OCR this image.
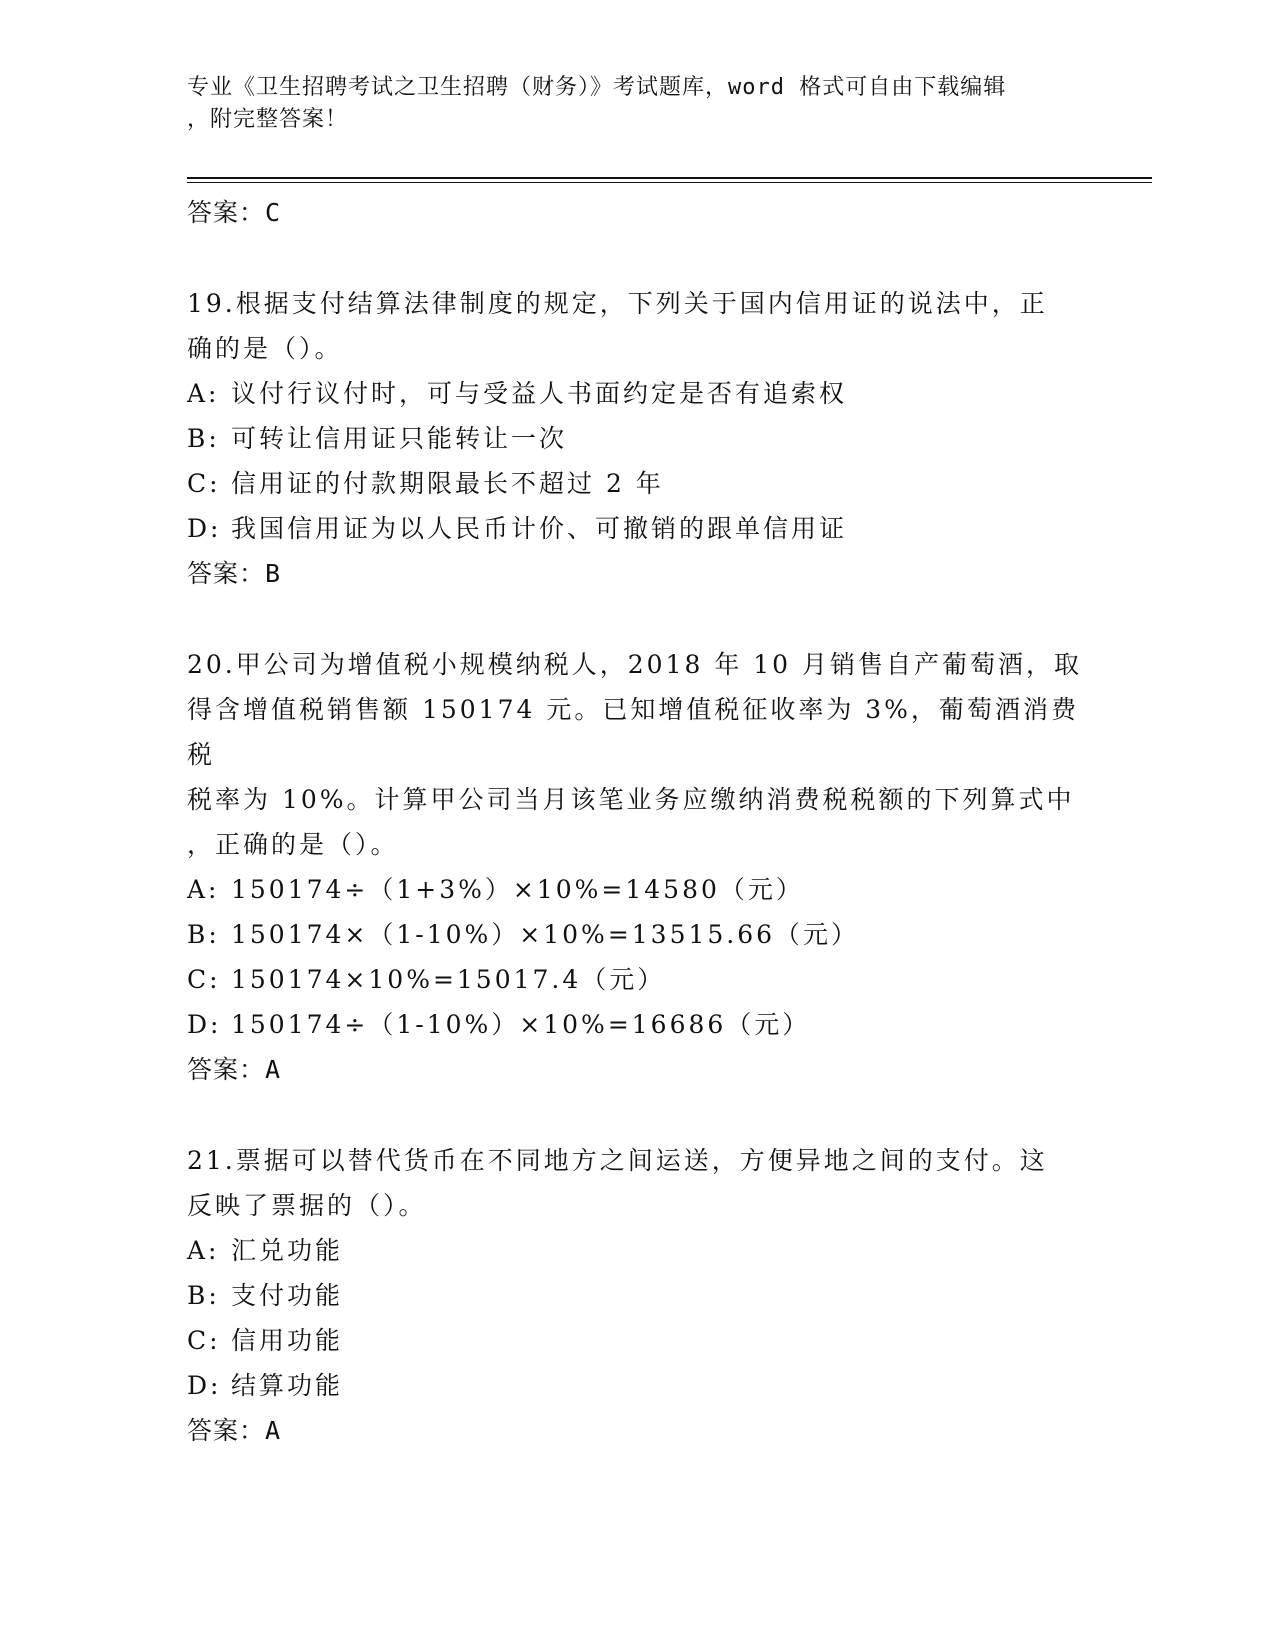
专业《卫生招聘考试之卫生招聘（财务）》考试题库，word 格式可自由下载编辑
，附完整答案！
答案：C
19.根据支付结算法律制度的规定，下列关于国内信用证的说法中，正
确的是（）。
A: 议付行议付时，可与受益人书面约定是否有追索权
B: 可转让信用证只能转让一次
C: 信用证的付款期限最长不超过 2 年
D: 我国信用证为以人民币计价、可撤销的跟单信用证
答案：B
20.甲公司为增值税小规模纳税人，2018 年 10 月销售自产葡萄酒，取
得含增值税销售额 150174 元。已知增值税征收率为 3%，葡萄酒消费税
税率为 10%。计算甲公司当月该笔业务应缴纳消费税税额的下列算式中
，正确的是（）。
A: 150174÷（1+3%）×10%=14580（元）
B: 150174×（1-10%）×10%=13515.66（元）
C: 150174×10%=15017.4（元）
D: 150174÷（1-10%）×10%=16686（元）
答案：A
21.票据可以替代货币在不同地方之间运送，方便异地之间的支付。这
反映了票据的（）。
A: 汇兑功能
B: 支付功能
C: 信用功能
D: 结算功能
答案：A
